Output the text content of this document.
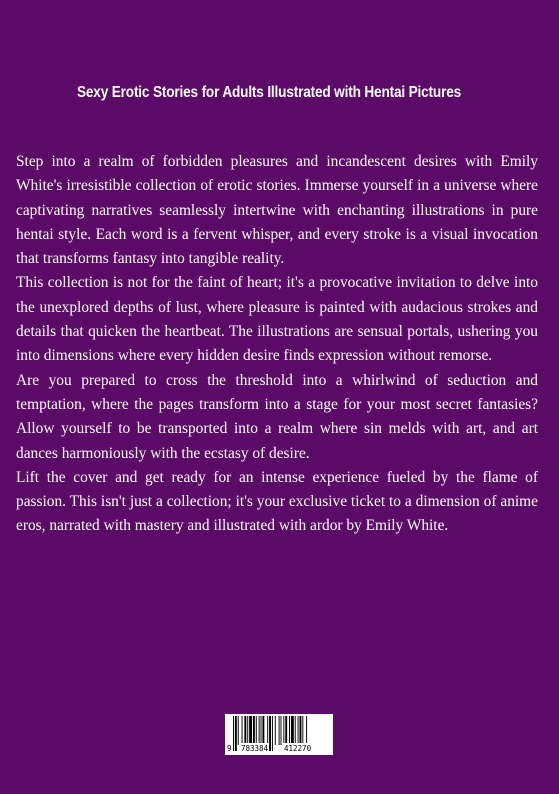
Sexy Erotic Stories for Adults Illustrated with Hentai Pictures

Step into a realm of forbidden pleasures and incandescent desires with Emily White's irresistible collection of erotic stories. Immerse yourself in a universe where captivating narratives seamlessly intertwine with enchanting illustrations in pure hentai style. Each word is a fervent whisper, and every stroke is a visual invocation that transforms fantasy into tangible reality.

This collection is not for the faint of heart; it's a provocative invitation to delve into the unexplored depths of lust, where pleasure is painted with audacious strokes and details that quicken the heartbeat. The illustrations are sensual portals, ushering you into dimensions where every hidden desire finds expression without remorse.

Are you prepared to cross the threshold into a whirlwind of seduction and temptation, where the pages transform into a stage for your most secret fantasies? Allow yourself to be transported into a realm where sin melds with art, and art dances harmoniously with the ecstasy of desire.

Lift the cover and get ready for an intense experience fueled by the flame of passion. This isn't just a collection; it's your exclusive ticket to a dimension of anime eros, narrated with mastery and illustrated with ardor by Emily White.

9 783384 412270
